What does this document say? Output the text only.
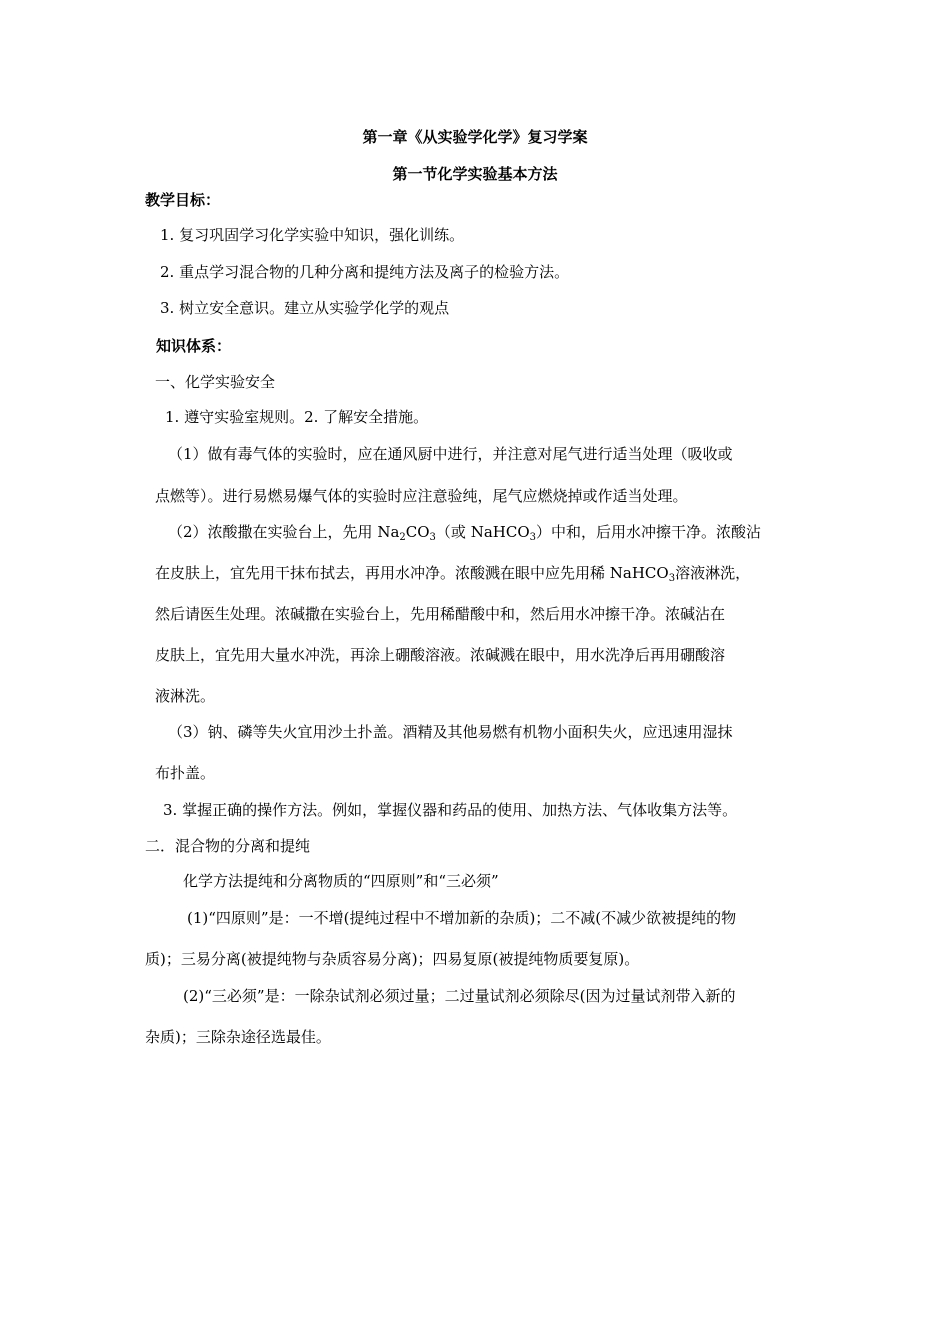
第一章《从实验学化学》复习学案
第一节化学实验基本方法
教学目标：
1. 复习巩固学习化学实验中知识，强化训练。
2. 重点学习混合物的几种分离和提纯方法及离子的检验方法。
3. 树立安全意识。建立从实验学化学的观点
知识体系：
一、化学实验安全
1. 遵守实验室规则。2. 了解安全措施。
（1）做有毒气体的实验时，应在通风厨中进行，并注意对尾气进行适当处理（吸收或
点燃等）。进行易燃易爆气体的实验时应注意验纯，尾气应燃烧掉或作适当处理。
（2）浓酸撒在实验台上，先用 $Na_2CO_3$（或 NaHCO$_3$）中和，后用水冲擦干净。浓酸沾
在皮肤上，宜先用干抹布拭去，再用水冲净。浓酸溅在眼中应先用稀 NaHCO$_3$溶液淋洗，
然后请医生处理。浓碱撒在实验台上，先用稀醋酸中和，然后用水冲擦干净。浓碱沾在
皮肤上，宜先用大量水冲洗，再涂上硼酸溶液。浓碱溅在眼中，用水洗净后再用硼酸溶
液淋洗。
（3）钠、磷等失火宜用沙土扑盖。酒精及其他易燃有机物小面积失火，应迅速用湿抹
布扑盖。
3. 掌握正确的操作方法。例如，掌握仪器和药品的使用、加热方法、气体收集方法等。
二．混合物的分离和提纯
化学方法提纯和分离物质的“四原则”和“三必须”
(1)“四原则”是：一不增(提纯过程中不增加新的杂质)；二不减(不减少欲被提纯的物
质)；三易分离(被提纯物与杂质容易分离)；四易复原(被提纯物质要复原)。
(2)“三必须”是：一除杂试剂必须过量；二过量试剂必须除尽(因为过量试剂带入新的
杂质)；三除杂途径选最佳。
